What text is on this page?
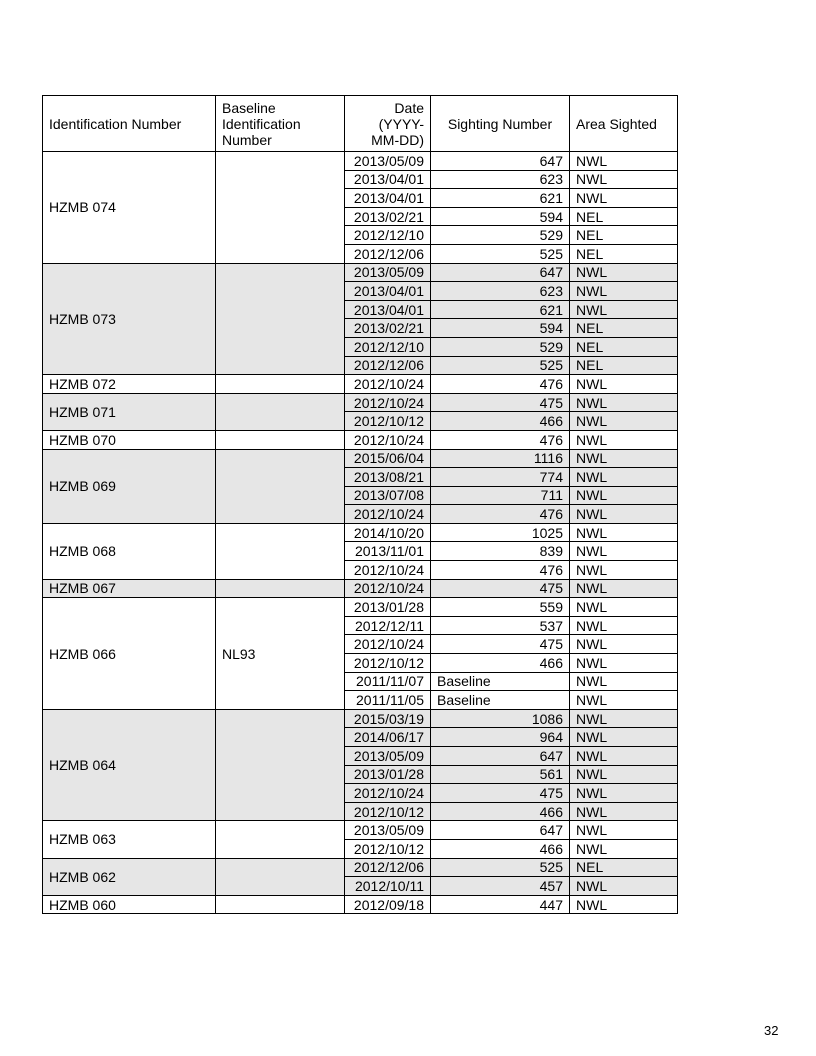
Identification Number	Baseline Identification Number	Date (YYYY-MM-DD)	Sighting Number	Area Sighted
HZMB 074		2013/05/09	647	NWL
		2013/04/01	623	NWL
		2013/04/01	621	NWL
		2013/02/21	594	NEL
		2012/12/10	529	NEL
		2012/12/06	525	NEL
HZMB 073		2013/05/09	647	NWL
		2013/04/01	623	NWL
		2013/04/01	621	NWL
		2013/02/21	594	NEL
		2012/12/10	529	NEL
		2012/12/06	525	NEL
HZMB 072		2012/10/24	476	NWL
HZMB 071		2012/10/24	475	NWL
		2012/10/12	466	NWL
HZMB 070		2012/10/24	476	NWL
HZMB 069		2015/06/04	1116	NWL
		2013/08/21	774	NWL
		2013/07/08	711	NWL
		2012/10/24	476	NWL
HZMB 068		2014/10/20	1025	NWL
		2013/11/01	839	NWL
		2012/10/24	476	NWL
HZMB 067		2012/10/24	475	NWL
HZMB 066	NL93	2013/01/28	559	NWL
		2012/12/11	537	NWL
		2012/10/24	475	NWL
		2012/10/12	466	NWL
		2011/11/07	Baseline	NWL
		2011/11/05	Baseline	NWL
HZMB 064		2015/03/19	1086	NWL
		2014/06/17	964	NWL
		2013/05/09	647	NWL
		2013/01/28	561	NWL
		2012/10/24	475	NWL
		2012/10/12	466	NWL
HZMB 063		2013/05/09	647	NWL
		2012/10/12	466	NWL
HZMB 062		2012/12/06	525	NEL
		2012/10/11	457	NWL
HZMB 060		2012/09/18	447	NWL
32
